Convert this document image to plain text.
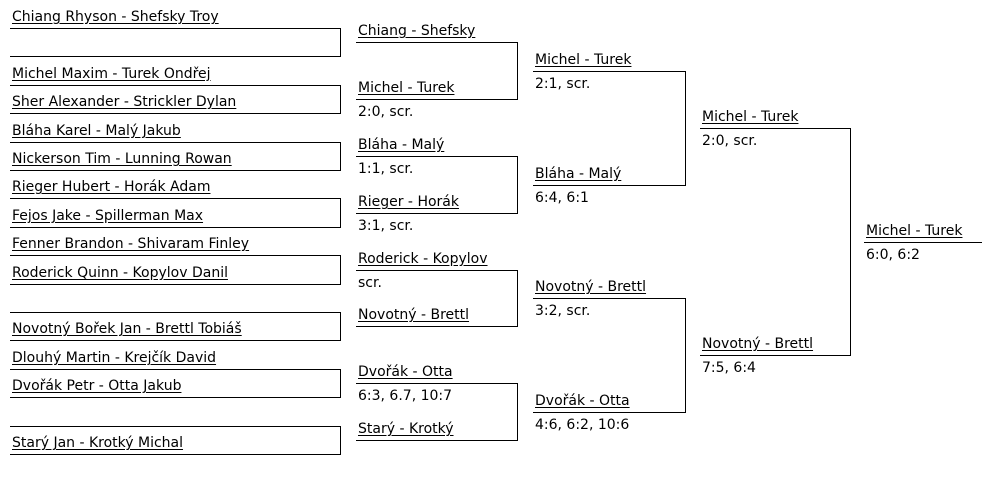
Chiang Rhyson - Shefsky Troy
Michel Maxim - Turek Ondřej
Sher Alexander - Strickler Dylan
Bláha Karel - Malý Jakub
Nickerson Tim - Lunning Rowan
Rieger Hubert - Horák Adam
Fejos Jake - Spillerman Max
Fenner Brandon - Shivaram Finley
Roderick Quinn - Kopylov Danil
Novotný Bořek Jan - Brettl Tobiáš
Dlouhý Martin - Krejčík David
Dvořák Petr - Otta Jakub
Starý Jan - Krotký Michal
Chiang - Shefsky
Michel - Turek
2:0, scr.
Bláha - Malý
1:1, scr.
Rieger - Horák
3:1, scr.
Roderick - Kopylov
scr.
Novotný - Brettl
Dvořák - Otta
6:3, 6.7, 10:7
Starý - Krotký
Michel - Turek
2:1, scr.
Bláha - Malý
6:4, 6:1
Novotný - Brettl
3:2, scr.
Dvořák - Otta
4:6, 6:2, 10:6
Michel - Turek
2:0, scr.
Novotný - Brettl
7:5, 6:4
Michel - Turek
6:0, 6:2
